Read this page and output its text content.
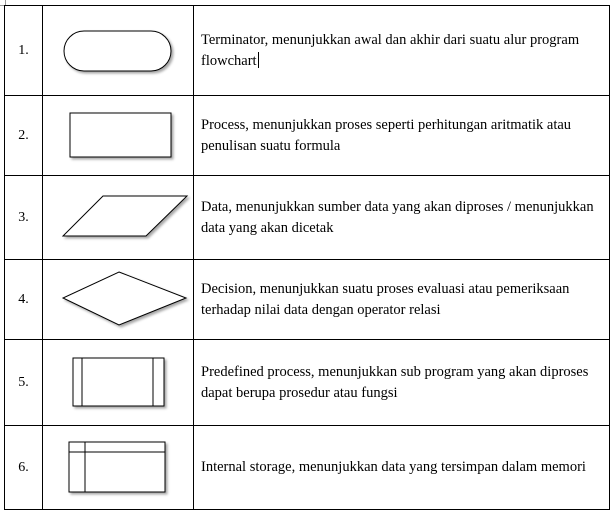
1.		Terminator, menunjukkan awal dan akhir dari suatu alur program flowchart
2.		Process, menunjukkan proses seperti perhitungan aritmatik atau penulisan suatu formula
3.		Data, menunjukkan sumber data yang akan diproses / menunjukkan data yang akan dicetak
4.		Decision, menunjukkan suatu proses evaluasi atau pemeriksaan terhadap nilai data dengan operator relasi
5.		Predefined process, menunjukkan sub program yang akan diproses dapat berupa prosedur atau fungsi
6.		Internal storage, menunjukkan data yang tersimpan dalam memori
